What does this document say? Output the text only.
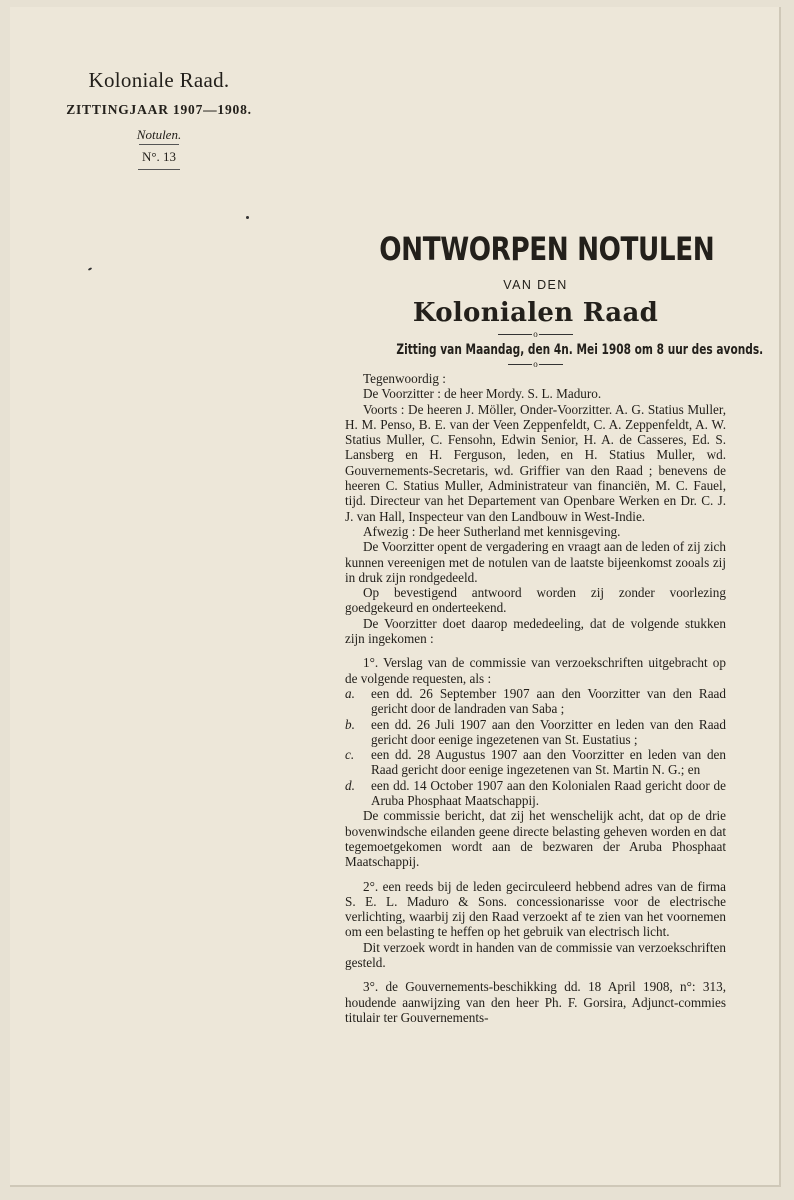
Koloniale Raad.
ZITTINGJAAR 1907—1908.
Notulen.
N°. 13
ONTWORPEN NOTULEN
VAN DEN
Kolonialen Raad
o
Zitting van Maandag, den 4n. Mei 1908 om 8 uur des avonds.
o

Tegenwoordig :

De Voorzitter : de heer Mordy. S. L. Maduro.

Voorts : De heeren J. Möller, Onder-Voorzitter. A. G. Statius Muller, H. M. Penso, B. E. van der Veen Zeppenfeldt, C. A. Zeppenfeldt, A. W. Statius Muller, C. Fensohn, Edwin Senior, H. A. de Casseres, Ed. S. Lansberg en H. Ferguson, leden, en H. Statius Muller, wd. Gouvernements-Secretaris, wd. Griffier van den Raad ; benevens de heeren C. Statius Muller, Administrateur van financiën, M. C. Fauel, tijd. Directeur van het Departement van Openbare Werken en Dr. C. J. J. van Hall, Inspecteur van den Landbouw in West-Indie.

Afwezig : De heer Sutherland met kennisgeving.

De Voorzitter opent de vergadering en vraagt aan de leden of zij zich kunnen vereenigen met de notulen van de laatste bijeenkomst zooals zij in druk zijn rondgedeeld.

Op bevestigend antwoord worden zij zonder voorlezing goedgekeurd en onderteekend.

De Voorzitter doet daarop mededeeling, dat de volgende stukken zijn ingekomen :

1°. Verslag van de commissie van verzoekschriften uitgebracht op de volgende requesten, als :

a.	een dd. 26 September 1907 aan den Voorzitter van den Raad gericht door de landraden van Saba ;
b.	een dd. 26 Juli 1907 aan den Voorzitter en leden van den Raad gericht door eenige ingezetenen van St. Eustatius ;
c.	een dd. 28 Augustus 1907 aan den Voorzitter en leden van den Raad gericht door eenige ingezetenen van St. Martin N. G.; en
d.	een dd. 14 October 1907 aan den Kolonialen Raad gericht door de Aruba Phosphaat Maatschappij.

De commissie bericht, dat zij het wenschelijk acht, dat op de drie bovenwindsche eilanden geene directe belasting geheven worden en dat tegemoetgekomen wordt aan de bezwaren der Aruba Phosphaat Maatschappij.

2°. een reeds bij de leden gecirculeerd hebbend adres van de firma S. E. L. Maduro & Sons. concessionarisse voor de electrische verlichting, waarbij zij den Raad verzoekt af te zien van het voornemen om een belasting te heffen op het gebruik van electrisch licht.

Dit verzoek wordt in handen van de commissie van verzoekschriften gesteld.

3°. de Gouvernements-beschikking dd. 18 April 1908, n°: 313, houdende aanwijzing van den heer Ph. F. Gorsira, Adjunct-commies titulair ter Gouvernements-
